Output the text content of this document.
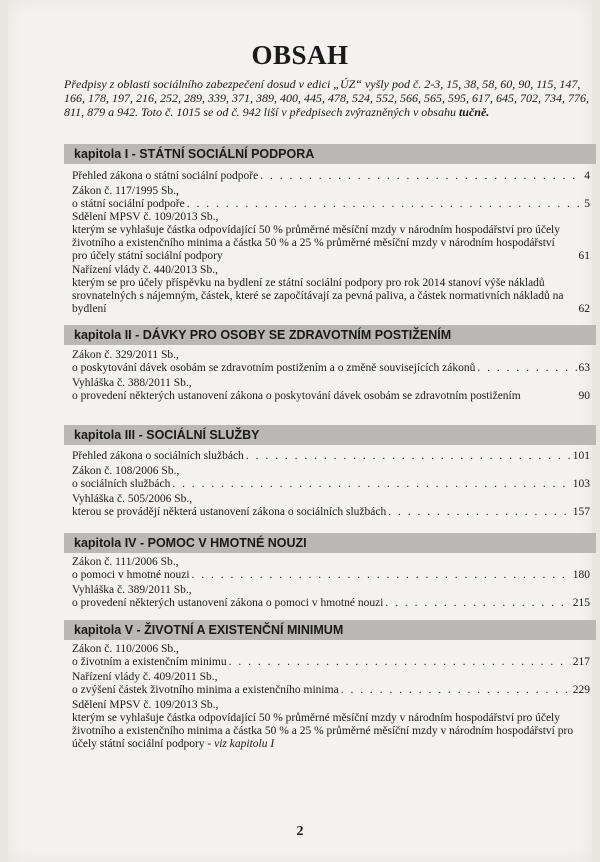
OBSAH
Předpisy z oblasti sociálního zabezpečení dosud v edici „ÚZ“ vyšly pod č. 2-3, 15, 38, 58, 60, 90, 115, 147, 166, 178, 197, 216, 252, 289, 339, 371, 389, 400, 445, 478, 524, 552, 566, 565, 595, 617, 645, 702, 734, 776, 811, 879 a 942. Toto č. 1015 se od č. 942 liší v předpisech zvýrazněných v obsahu tučně.
kapitola I - STÁTNÍ SOCIÁLNÍ PODPORA
Přehled zákona o státní sociální podpoře . . .	4
Zákon č. 117/1995 Sb.,
o státní sociální podpoře . . .	5
Sdělení MPSV č. 109/2013 Sb.,
kterým se vyhlašuje částka odpovídající 50 % průměrné měsíční mzdy v národním hospodářství pro účely životního a existenčního minima a částka 50 % a 25 % průměrné měsíční mzdy v národním hospodářství pro účely státní sociální podpory	61
Nařízení vlády č. 440/2013 Sb.,
kterým se pro účely příspěvku na bydlení ze státní sociální podpory pro rok 2014 stanoví výše nákladů srovnatelných s nájemným, částek, které se započítávají za pevná paliva, a částek normativních nákladů na bydlení	62
kapitola II - DÁVKY PRO OSOBY SE ZDRAVOTNÍM POSTIŽENÍM
Zákon č. 329/2011 Sb.,
o poskytování dávek osobám se zdravotním postižením a o změně souvisejících zákonů . . .	63
Vyhláška č. 388/2011 Sb.,
o provedení některých ustanovení zákona o poskytování dávek osobám se zdravotním postižením	90
kapitola III - SOCIÁLNÍ SLUŽBY
Přehled zákona o sociálních službách . . .	101
Zákon č. 108/2006 Sb.,
o sociálních službách . . .	103
Vyhláška č. 505/2006 Sb.,
kterou se provádějí některá ustanovení zákona o sociálních službách . . .	157
kapitola IV - POMOC V HMOTNÉ NOUZI
Zákon č. 111/2006 Sb.,
o pomoci v hmotné nouzi . . .	180
Vyhláška č. 389/2011 Sb.,
o provedení některých ustanovení zákona o pomoci v hmotné nouzi . . .	215
kapitola V - ŽIVOTNÍ A EXISTENČNÍ MINIMUM
Zákon č. 110/2006 Sb.,
o životním a existenčním minimu . . .	217
Nařízení vlády č. 409/2011 Sb.,
o zvýšení částek životního minima a existenčního minima . . .	229
Sdělení MPSV č. 109/2013 Sb.,
kterým se vyhlašuje částka odpovídající 50 % průměrné měsíční mzdy v národním hospodářství pro účely životního a existenčního minima a částka 50 % a 25 % průměrné měsíční mzdy v národním hospodářství pro účely státní sociální podpory - viz kapitolu I
2
